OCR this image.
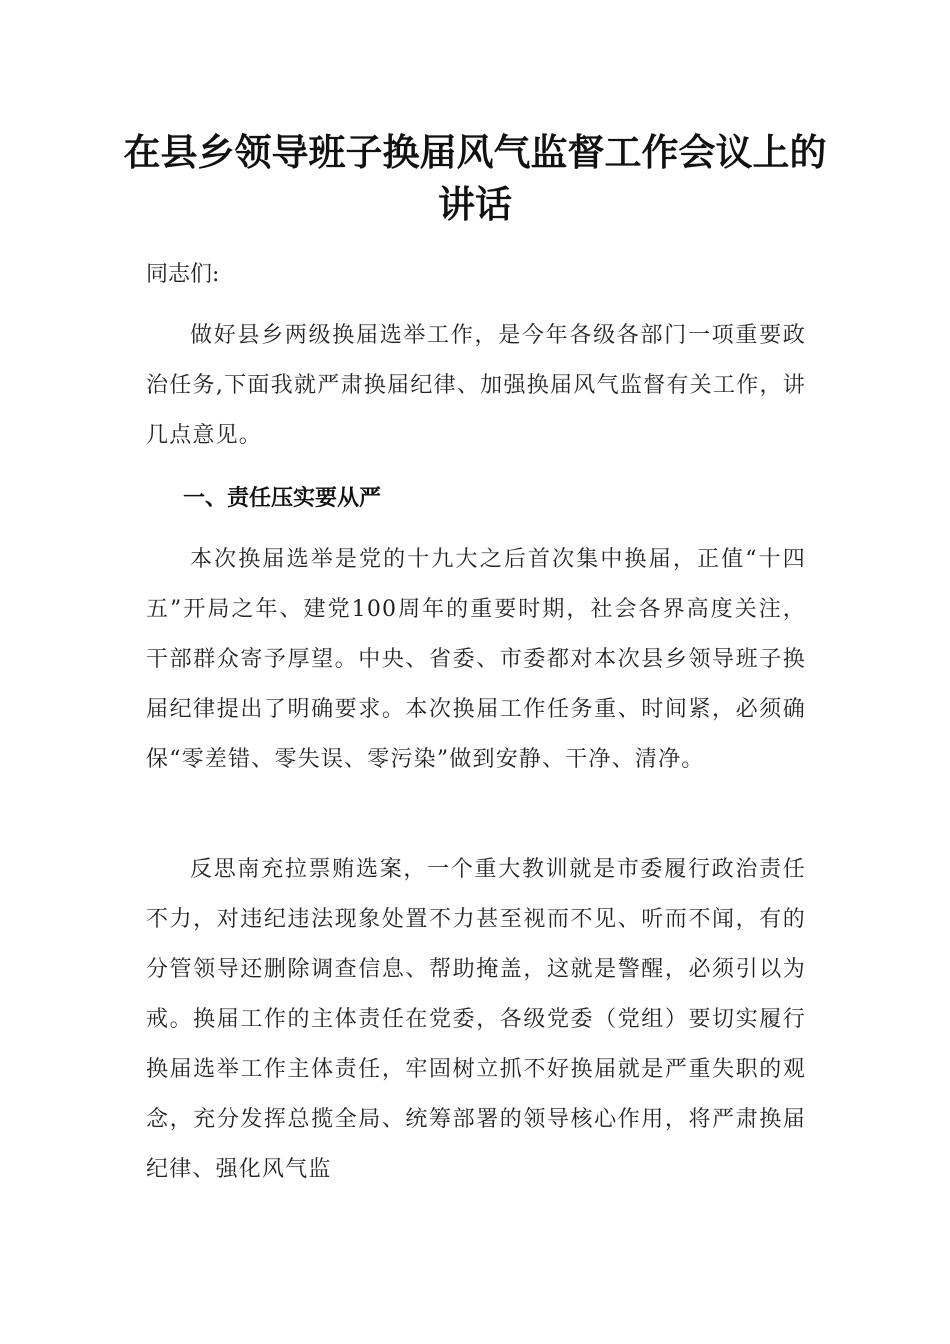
在县乡领导班子换届风气监督工作会议上的讲话
同志们:

做好县乡两级换届选举工作，是今年各级各部门一项重要政治任务,下面我就严肃换届纪律、加强换届风气监督有关工作，讲几点意见。

一、责任压实要从严

本次换届选举是党的十九大之后首次集中换届，正值“十四五”开局之年、建党100周年的重要时期，社会各界高度关注，干部群众寄予厚望。中央、省委、市委都对本次县乡领导班子换届纪律提出了明确要求。本次换届工作任务重、时间紧，必须确保“零差错、零失误、零污染”做到安静、干净、清净。

反思南充拉票贿选案，一个重大教训就是市委履行政治责任不力，对违纪违法现象处置不力甚至视而不见、听而不闻，有的分管领导还删除调查信息、帮助掩盖，这就是警醒，必须引以为戒。换届工作的主体责任在党委，各级党委（党组）要切实履行换届选举工作主体责任，牢固树立抓不好换届就是严重失职的观念，充分发挥总揽全局、统筹部署的领导核心作用，将严肃换届纪律、强化风气监
